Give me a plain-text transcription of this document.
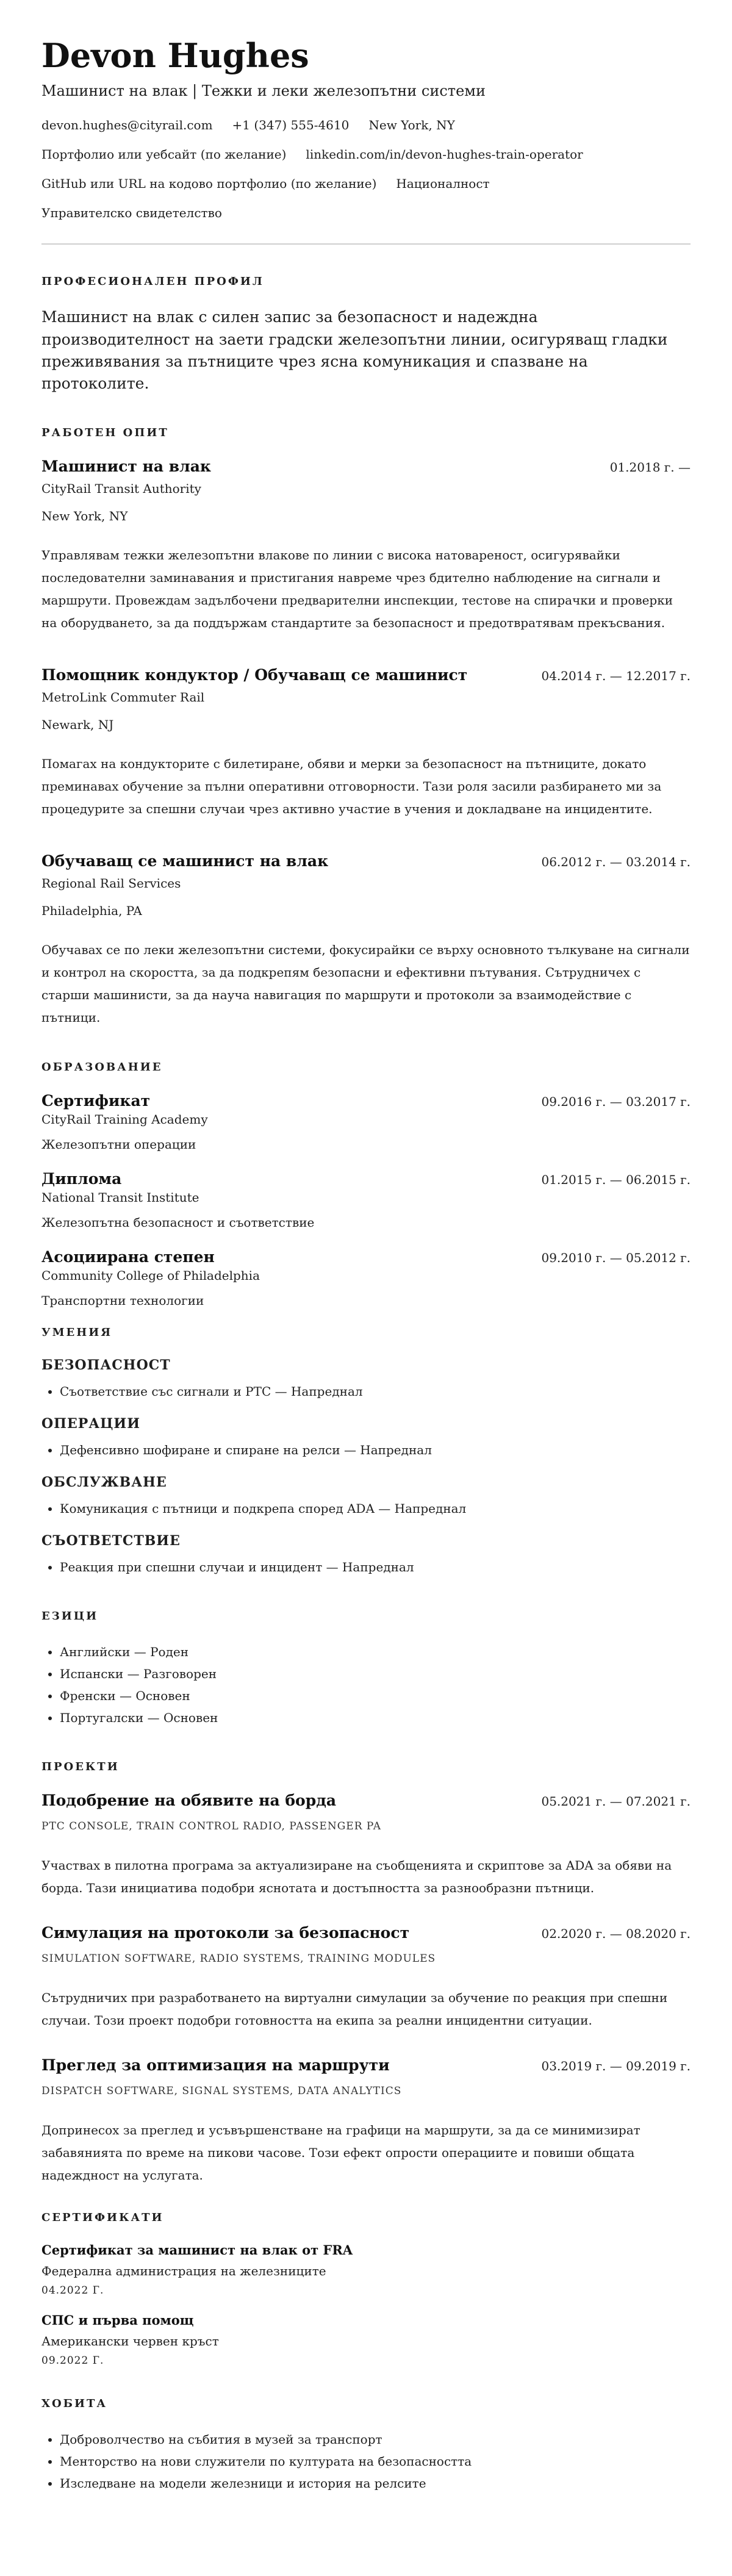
Devon Hughes
Машинист на влак | Тежки и леки железопътни системи
devon.hughes@cityrail.com +1 (347) 555-4610 New York, NY
Портфолио или уебсайт (по желание) linkedin.com/in/devon-hughes-train-operator
GitHub или URL на кодово портфолио (по желание) Националност
Управителско свидетелство
ПРОФЕСИОНАЛЕН ПРОФИЛ

Машинист на влак с силен запис за безопасност и надеждна производителност на заети градски железопътни линии, осигуряващ гладки преживявания за пътниците чрез ясна комуникация и спазване на протоколите.

РАБОТЕН ОПИТ
Машинист на влак	01.2018 г. —
CityRail Transit Authority
New York, NY

Управлявам тежки железопътни влакове по линии с висока натовареност, осигурявайки последователни заминавания и пристигания навреме чрез бдително наблюдение на сигнали и маршрути. Провеждам задълбочени предварителни инспекции, тестове на спирачки и проверки на оборудването, за да поддържам стандартите за безопасност и предотвратявам прекъсвания.

Помощник кондуктор / Обучаващ се машинист	04.2014 г. — 12.2017 г.
MetroLink Commuter Rail
Newark, NJ

Помагах на кондукторите с билетиране, обяви и мерки за безопасност на пътниците, докато преминавах обучение за пълни оперативни отговорности. Тази роля засили разбирането ми за процедурите за спешни случаи чрез активно участие в учения и докладване на инцидентите.

Обучаващ се машинист на влак	06.2012 г. — 03.2014 г.
Regional Rail Services
Philadelphia, PA

Обучавах се по леки железопътни системи, фокусирайки се върху основното тълкуване на сигнали и контрол на скоростта, за да подкрепям безопасни и ефективни пътувания. Сътрудничех с старши машинисти, за да науча навигация по маршрути и протоколи за взаимодействие с пътници.

ОБРАЗОВАНИЕ
Сертификат	09.2016 г. — 03.2017 г.
CityRail Training Academy
Железопътни операции
Диплома	01.2015 г. — 06.2015 г.
National Transit Institute
Железопътна безопасност и съответствие
Асоциирана степен	09.2010 г. — 05.2012 г.
Community College of Philadelphia
Транспортни технологии
УМЕНИЯ
БЕЗОПАСНОСТ
• Съответствие със сигнали и PTC — Напреднал
ОПЕРАЦИИ
• Дефенсивно шофиране и спиране на релси — Напреднал
ОБСЛУЖВАНЕ
• Комуникация с пътници и подкрепа според ADA — Напреднал
СЪОТВЕТСТВИЕ
• Реакция при спешни случаи и инцидент — Напреднал
ЕЗИЦИ
• Английски — Роден
• Испански — Разговорен
• Френски — Основен
• Португалски — Основен
ПРОЕКТИ
Подобрение на обявите на борда	05.2021 г. — 07.2021 г.
PTC CONSOLE, TRAIN CONTROL RADIO, PASSENGER PA

Участвах в пилотна програма за актуализиране на съобщенията и скриптове за ADA за обяви на борда. Тази инициатива подобри яснотата и достъпността за разнообразни пътници.

Симулация на протоколи за безопасност	02.2020 г. — 08.2020 г.
SIMULATION SOFTWARE, RADIO SYSTEMS, TRAINING MODULES

Сътрудничих при разработването на виртуални симулации за обучение по реакция при спешни случаи. Този проект подобри готовността на екипа за реални инцидентни ситуации.

Преглед за оптимизация на маршрути	03.2019 г. — 09.2019 г.
DISPATCH SOFTWARE, SIGNAL SYSTEMS, DATA ANALYTICS

Допринесох за преглед и усъвършенстване на графици на маршрути, за да се минимизират забавянията по време на пикови часове. Този ефект опрости операциите и повиши общата надеждност на услугата.

СЕРТИФИКАТИ
Сертификат за машинист на влак от FRA
Федерална администрация на железниците
04.2022 Г.
СПС и първа помощ
Американски червен кръст
09.2022 Г.
ХОБИТА
• Доброволчество на събития в музей за транспорт
• Менторство на нови служители по културата на безопасността
• Изследване на модели железници и история на релсите
